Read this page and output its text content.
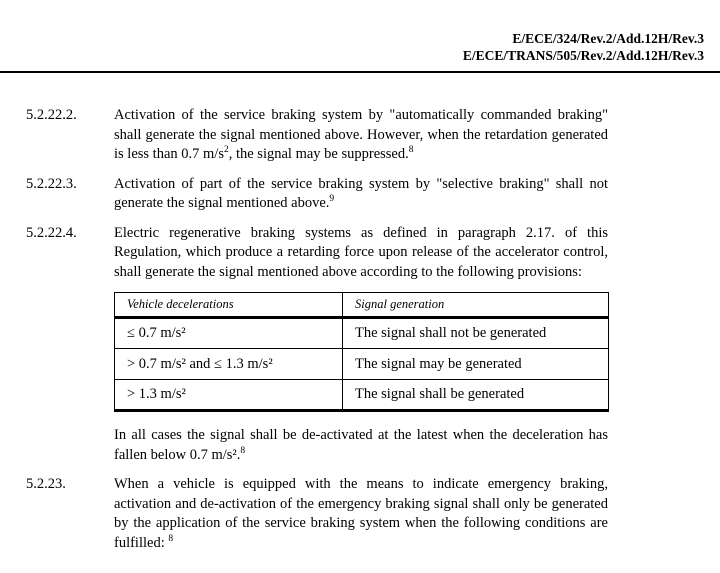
E/ECE/324/Rev.2/Add.12H/Rev.3
E/ECE/TRANS/505/Rev.2/Add.12H/Rev.3
5.2.22.2.	Activation of the service braking system by "automatically commanded braking" shall generate the signal mentioned above. However, when the retardation generated is less than 0.7 $m/s^2$, the signal may be suppressed.$^8$
5.2.22.3.	Activation of part of the service braking system by "selective braking" shall not generate the signal mentioned above.$^9$
5.2.22.4.	Electric regenerative braking systems as defined in paragraph 2.17. of this Regulation, which produce a retarding force upon release of the accelerator control, shall generate the signal mentioned above according to the following provisions:
Vehicle decelerations	Signal generation
≤ 0.7 m/s²	The signal shall not be generated
> 0.7 m/s² and ≤ 1.3 m/s²	The signal may be generated
> 1.3 m/s²	The signal shall be generated
In all cases the signal shall be de-activated at the latest when the deceleration has fallen below 0.7 m/s².$^8$
5.2.23.	When a vehicle is equipped with the means to indicate emergency braking, activation and de-activation of the emergency braking signal shall only be generated by the application of the service braking system when the following conditions are fulfilled: $^8$
